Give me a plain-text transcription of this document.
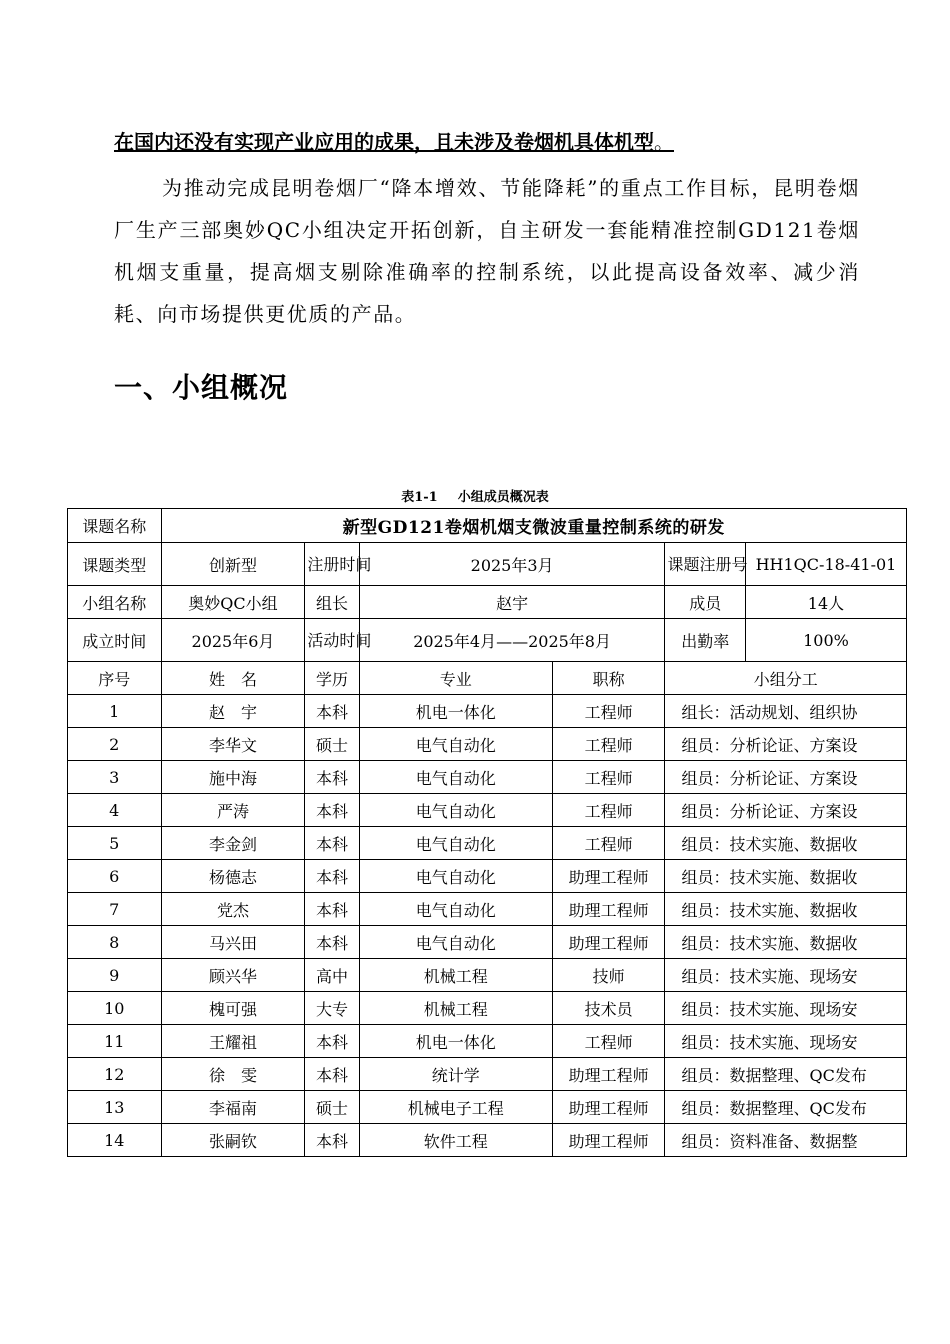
在国内还没有实现产业应用的成果，且未涉及卷烟机具体机型。
为推动完成昆明卷烟厂“降本增效、节能降耗”的重点工作目标，昆明卷烟厂生产三部奥妙QC小组决定开拓创新，自主研发一套能精准控制GD121卷烟机烟支重量，提高烟支剔除准确率的控制系统，以此提高设备效率、减少消耗、向市场提供更优质的产品。
一、小组概况
表1-1 小组成员概况表
课题名称	新型GD121卷烟机烟支微波重量控制系统的研发					
课题类型	创新型	注册时间	2025年3月		课题注册号	HH1QC-18-41-01
小组名称	奥妙QC小组	组长	赵宇		成员	14人
成立时间	2025年6月	活动时间	2025年4月——2025年8月		出勤率	100%
序号	姓　名	学历	专业	职称	小组分工	
1	赵　宇	本科	机电一体化	工程师	组长：活动规划、组织协	
2	李华文	硕士	电气自动化	工程师	组员：分析论证、方案设	
3	施中海	本科	电气自动化	工程师	组员：分析论证、方案设	
4	严涛	本科	电气自动化	工程师	组员：分析论证、方案设	
5	李金剑	本科	电气自动化	工程师	组员：技术实施、数据收	
6	杨德志	本科	电气自动化	助理工程师	组员：技术实施、数据收	
7	党杰	本科	电气自动化	助理工程师	组员：技术实施、数据收	
8	马兴田	本科	电气自动化	助理工程师	组员：技术实施、数据收	
9	顾兴华	高中	机械工程	技师	组员：技术实施、现场安	
10	槐可强	大专	机械工程	技术员	组员：技术实施、现场安	
11	王耀祖	本科	机电一体化	工程师	组员：技术实施、现场安	
12	徐　雯	本科	统计学	助理工程师	组员：数据整理、QC发布	
13	李福南	硕士	机械电子工程	助理工程师	组员：数据整理、QC发布	
14	张嗣钦	本科	软件工程	助理工程师	组员：资料准备、数据整	
